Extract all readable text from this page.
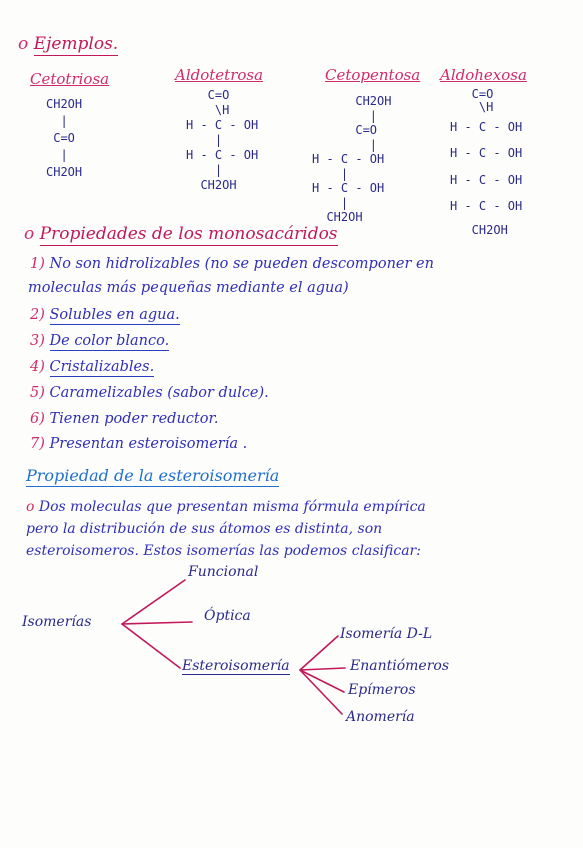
o Ejemplos.
Cetotriosa	Aldotetrosa	Cetopentosa Aldohexosa
CH2OH
|
C=O
|
CH2OH
C=O
\H
H - C - OH
|
H - C - OH
|
CH2OH
CH2OH
|
C=O
|
H - C - OH
|
H - C - OH
|
CH2OH
C=O
\H
H - C - OH
H - C - OH
H - C - OH
H - C - OH
CH2OH
o Propiedades de los monosacáridos
1) No son hidrolizables (no se pueden descomponer en
moleculas más pequeñas mediante el agua)
2) Solubles en agua.
3) De color blanco.
4) Cristalizables.
5) Caramelizables (sabor dulce).
6) Tienen poder reductor.
7) Presentan esteroisomería .
Propiedad de la esteroisomería
o Dos moleculas que presentan misma fórmula empírica
pero la distribución de sus átomos es distinta, son
esteroisomeros. Estos isomerías las podemos clasificar:
Isomerías
Funcional
Óptica
Esteroisomería
Isomería D-L
Enantiómeros
Epímeros
Anomería
